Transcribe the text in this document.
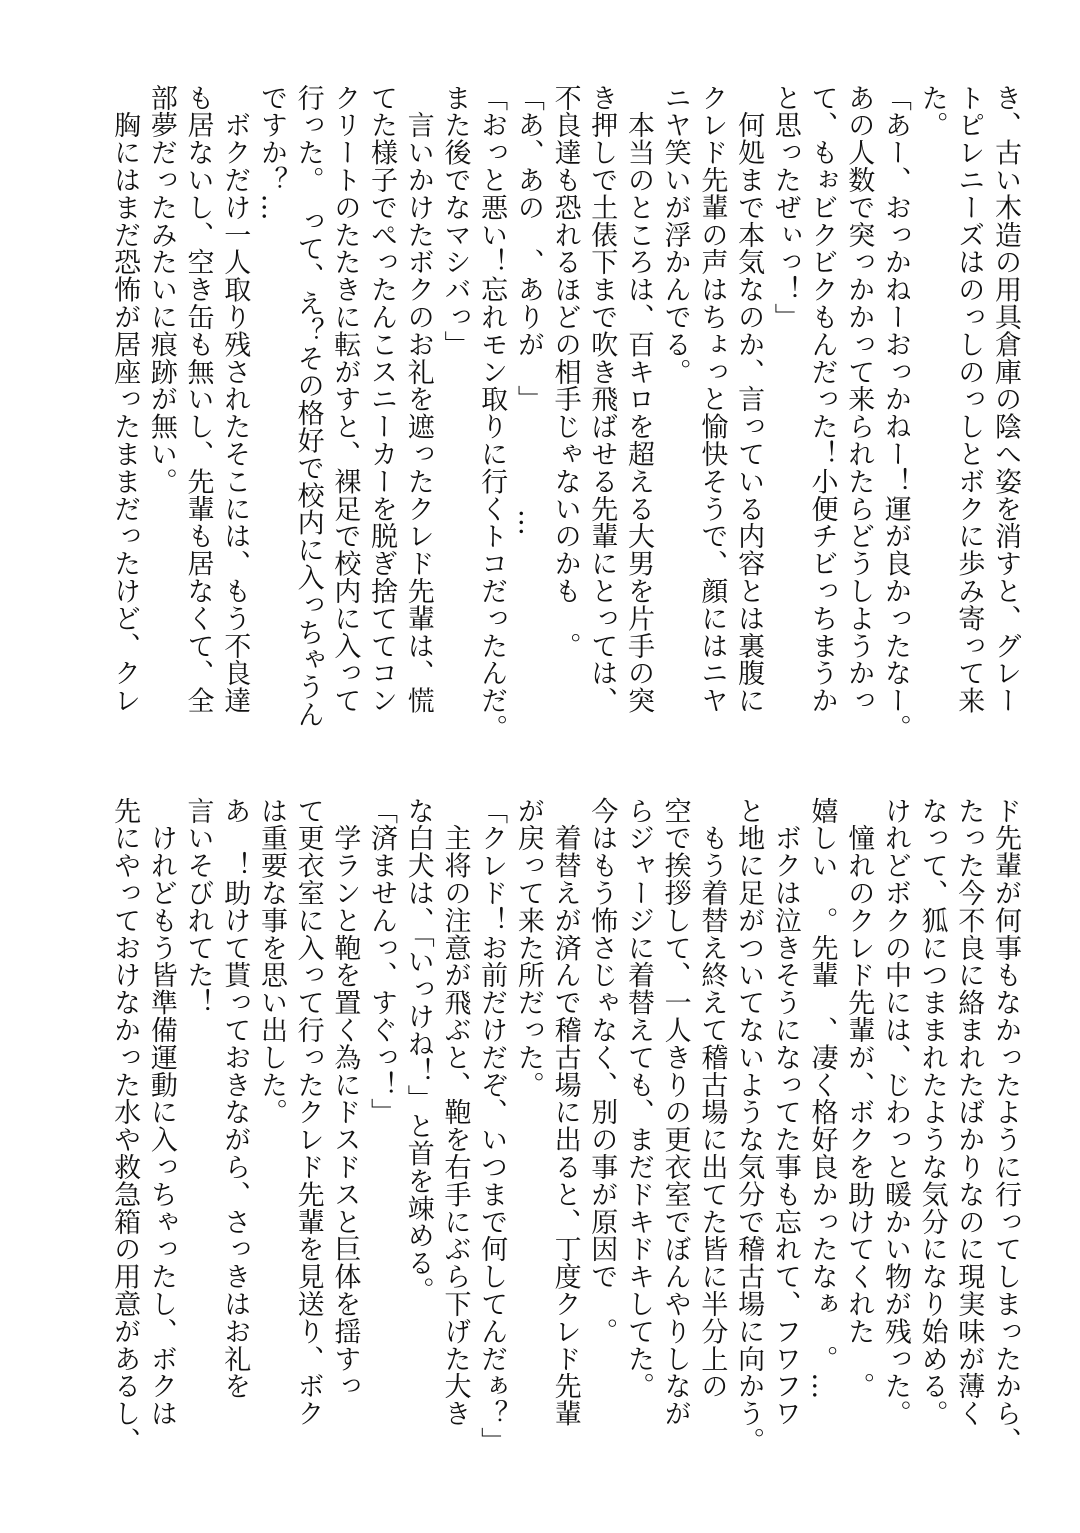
き、古い木造の用具倉庫の陰へ姿を消すと、グレー
トピレニーズはのっしのっしとボクに歩み寄って来
た。
「あー、おっかねーおっかねー！運が良かったなー。
あの人数で突っかかって来られたらどうしようかっ
て、もぉビクビクもんだった！小便チビっちまうか
と思ったぜぃっ！」
　何処まで本気なのか、言っている内容とは裏腹に
クレド先輩の声はちょっと愉快そうで、顔にはニヤ
ニヤ笑いが浮かんでる。
　本当のところは、百キロを超える大男を片手の突
き押しで土俵下まで吹き飛ばせる先輩にとっては、
不良達も恐れるほどの相手じゃないのかも　。
「あ、あの　、ありが　」　　　　…
「おっと悪い！忘れモン取りに行くトコだったんだ。
また後でなマシバっ」
　言いかけたボクのお礼を遮ったクレド先輩は、慌
てた様子でぺったんこスニーカーを脱ぎ捨ててコン
クリートのたたきに転がすと、裸足で校内に入って
行った。　って、え？その格好で校内に入っちゃうん
ですか？…
　ボクだけ一人取り残されたそこには、もう不良達
も居ないし、空き缶も無いし、先輩も居なくて、全
部夢だったみたいに痕跡が無い。
　胸にはまだ恐怖が居座ったままだったけど、クレ
ド先輩が何事もなかったように行ってしまったから、
たった今不良に絡まれたばかりなのに現実味が薄く
なって、狐につままれたような気分になり始める。
けれどボクの中には、じわっと暖かい物が残った。
　憧れのクレド先輩が、ボクを助けてくれた　。
嬉しい　。先輩　、凄く格好良かったなぁ　。…
　ボクは泣きそうになってた事も忘れて、フワフワ
と地に足がついてないような気分で稽古場に向かう。
　もう着替え終えて稽古場に出てた皆に半分上の
空で挨拶して、一人きりの更衣室でぼんやりしなが
らジャージに着替えても、まだドキドキしてた。
今はもう怖さじゃなく、別の事が原因で　。
　着替えが済んで稽古場に出ると、丁度クレド先輩
が戻って来た所だった。
「クレド！お前だけだぞ、いつまで何してんだぁ？」
　主将の注意が飛ぶと、鞄を右手にぶら下げた大き
な白犬は、「いっけね！」と首を竦める。
「済ませんっ、すぐっ！」
　学ランと鞄を置く為にドスドスと巨体を揺すっ
て更衣室に入って行ったクレド先輩を見送り、ボク
は重要な事を思い出した。
あ　！助けて貰っておきながら、さっきはお礼を
言いそびれてた！
　けれどもう皆準備運動に入っちゃったし、ボクは
先にやっておけなかった水や救急箱の用意があるし、
